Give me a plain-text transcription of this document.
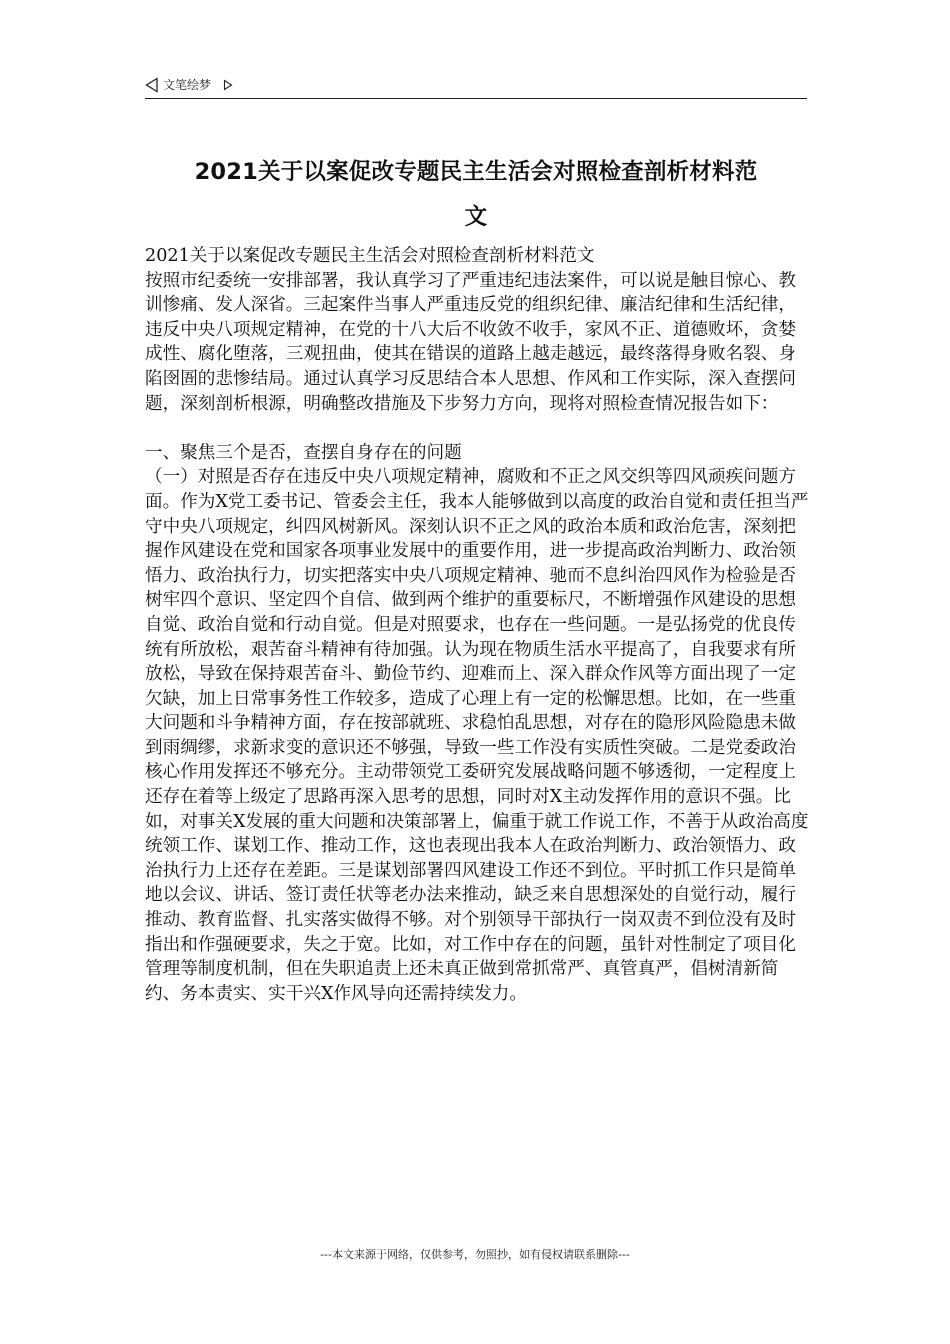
文笔绘梦
2021关于以案促改专题民主生活会对照检查剖析材料范
文

2021关于以案促改专题民主生活会对照检查剖析材料范文

按照市纪委统一安排部署，我认真学习了严重违纪违法案件，可以说是触目惊心、教训惨痛、发人深省。三起案件当事人严重违反党的组织纪律、廉洁纪律和生活纪律，违反中央八项规定精神，在党的十八大后不收敛不收手，家风不正、道德败坏，贪婪成性、腐化堕落，三观扭曲，使其在错误的道路上越走越远，最终落得身败名裂、身陷囹圄的悲惨结局。通过认真学习反思结合本人思想、作风和工作实际，深入查摆问题，深刻剖析根源，明确整改措施及下步努力方向，现将对照检查情况报告如下：

一、聚焦三个是否，查摆自身存在的问题

（一）对照是否存在违反中央八项规定精神，腐败和不正之风交织等四风顽疾问题方面。作为X党工委书记、管委会主任，我本人能够做到以高度的政治自觉和责任担当严守中央八项规定，纠四风树新风。深刻认识不正之风的政治本质和政治危害，深刻把握作风建设在党和国家各项事业发展中的重要作用，进一步提高政治判断力、政治领悟力、政治执行力，切实把落实中央八项规定精神、驰而不息纠治四风作为检验是否树牢四个意识、坚定四个自信、做到两个维护的重要标尺，不断增强作风建设的思想自觉、政治自觉和行动自觉。但是对照要求，也存在一些问题。一是弘扬党的优良传统有所放松，艰苦奋斗精神有待加强。认为现在物质生活水平提高了，自我要求有所放松，导致在保持艰苦奋斗、勤俭节约、迎难而上、深入群众作风等方面出现了一定欠缺，加上日常事务性工作较多，造成了心理上有一定的松懈思想。比如，在一些重大问题和斗争精神方面，存在按部就班、求稳怕乱思想，对存在的隐形风险隐患未做到雨绸缪，求新求变的意识还不够强，导致一些工作没有实质性突破。二是党委政治核心作用发挥还不够充分。主动带领党工委研究发展战略问题不够透彻，一定程度上还存在着等上级定了思路再深入思考的思想，同时对X主动发挥作用的意识不强。比如，对事关X发展的重大问题和决策部署上，偏重于就工作说工作，不善于从政治高度统领工作、谋划工作、推动工作，这也表现出我本人在政治判断力、政治领悟力、政治执行力上还存在差距。三是谋划部署四风建设工作还不到位。平时抓工作只是简单地以会议、讲话、签订责任状等老办法来推动，缺乏来自思想深处的自觉行动，履行推动、教育监督、扎实落实做得不够。对个别领导干部执行一岗双责不到位没有及时指出和作强硬要求，失之于宽。比如，对工作中存在的问题，虽针对性制定了项目化管理等制度机制，但在失职追责上还未真正做到常抓常严、真管真严，倡树清新简约、务本责实、实干兴X作风导向还需持续发力。

---本文来源于网络，仅供参考，勿照抄，如有侵权请联系删除---
